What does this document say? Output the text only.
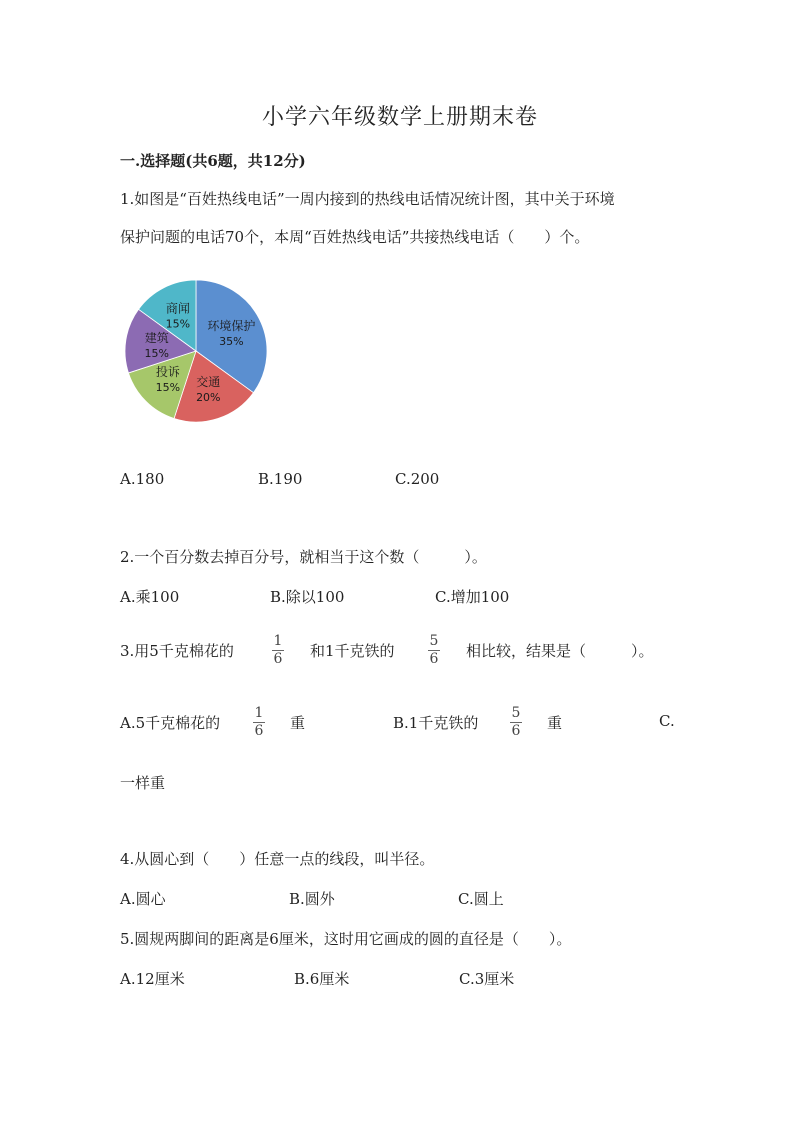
小学六年级数学上册期末卷
一.选择题(共6题，共12分)
1.如图是“百姓热线电话”一周内接到的热线电话情况统计图，其中关于环境
保护问题的电话70个，本周“百姓热线电话”共接热线电话（　　）个。
环境保护
35%
交通
20%
投诉
15%
建筑
15%
商闻
15%
A.180	B.190	C.200
2.一个百分数去掉百分号，就相当于这个数（　　　）。
A.乘100	B.除以100	C.增加100
3.用5千克棉花的
1
6 和1千克铁的
5
6 相比较，结果是（　　　）。
A.5千克棉花的
1
6 重	B.1千克铁的
5
6 重	C.
一样重
4.从圆心到（　　）任意一点的线段，叫半径。
A.圆心	B.圆外	C.圆上
5.圆规两脚间的距离是6厘米，这时用它画成的圆的直径是（　　）。
A.12厘米	B.6厘米	C.3厘米
